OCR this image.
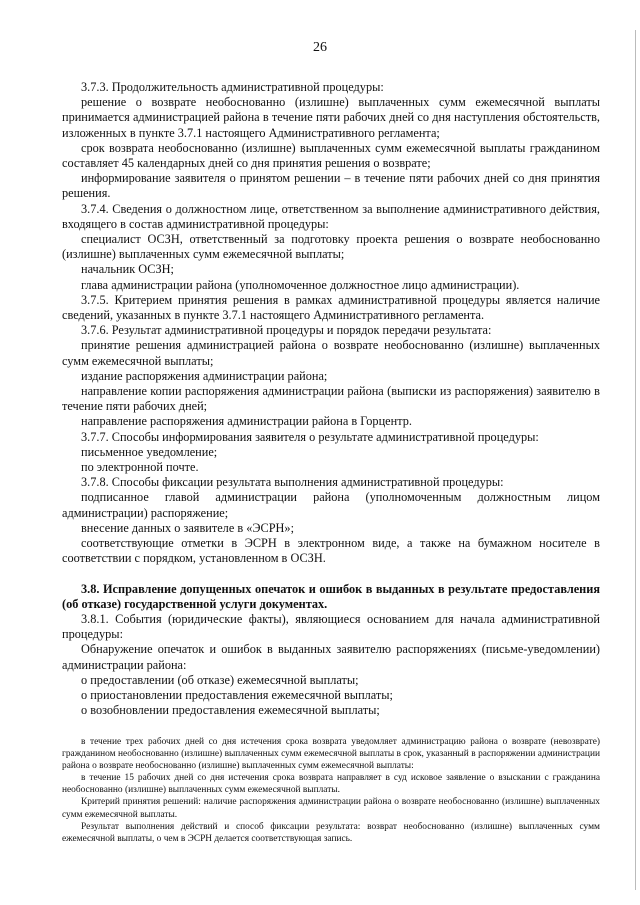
26

3.7.3. Продолжительность административной процедуры:

решение о возврате необоснованно (излишне) выплаченных сумм ежемесячной выплаты принимается администрацией района в течение пяти рабочих дней со дня наступления обстоятельств, изложенных в пункте 3.7.1 настоящего Административного регламента;

срок возврата необоснованно (излишне) выплаченных сумм ежемесячной выплаты гражданином составляет 45 календарных дней со дня принятия решения о возврате;

информирование заявителя о принятом решении – в течение пяти рабочих дней со дня принятия решения.

3.7.4. Сведения о должностном лице, ответственном за выполнение административного действия, входящего в состав административной процедуры:

специалист ОСЗН, ответственный за подготовку проекта решения о возврате необоснованно (излишне) выплаченных сумм ежемесячной выплаты;

начальник ОСЗН;

глава администрации района (уполномоченное должностное лицо администрации).

3.7.5. Критерием принятия решения в рамках административной процедуры является наличие сведений, указанных в пункте 3.7.1 настоящего Административного регламента.

3.7.6. Результат административной процедуры и порядок передачи результата:

принятие решения администрацией района о возврате необоснованно (излишне) выплаченных сумм ежемесячной выплаты;

издание распоряжения администрации района;

направление копии распоряжения администрации района (выписки из распоряжения) заявителю в течение пяти рабочих дней;

направление распоряжения администрации района в Горцентр.

3.7.7. Способы информирования заявителя о результате административной процедуры:

письменное уведомление;

по электронной почте.

3.7.8. Способы фиксации результата выполнения административной процедуры:

подписанное главой администрации района (уполномоченным должностным лицом администрации) распоряжение;

внесение данных о заявителе в «ЭСРН»;

соответствующие отметки в ЭСРН в электронном виде, а также на бумажном носителе в соответствии с порядком, установленном в ОСЗН.

3.8. Исправление допущенных опечаток и ошибок в выданных в результате предоставления (об отказе) государственной услуги документах.

3.8.1. События (юридические факты), являющиеся основанием для начала административной процедуры:

Обнаружение опечаток и ошибок в выданных заявителю распоряжениях (письме-уведомлении) администрации района:

о предоставлении (об отказе) ежемесячной выплаты;

о приостановлении предоставления ежемесячной выплаты;

о возобновлении предоставления ежемесячной выплаты;

в течение трех рабочих дней со дня истечения срока возврата уведомляет администрацию района о возврате (невозврате) гражданином необоснованно (излишне) выплаченных сумм ежемесячной выплаты в срок, указанный в распоряжении администрации района о возврате необоснованно (излишне) выплаченных сумм ежемесячной выплаты:

в течение 15 рабочих дней со дня истечения срока возврата направляет в суд исковое заявление о взыскании с гражданина необоснованно (излишне) выплаченных сумм ежемесячной выплаты.

Критерий принятия решений: наличие распоряжения администрации района о возврате необоснованно (излишне) выплаченных сумм ежемесячной выплаты.

Результат выполнения действий и способ фиксации результата: возврат необоснованно (излишне) выплаченных сумм ежемесячной выплаты, о чем в ЭСРН делается соответствующая запись.
